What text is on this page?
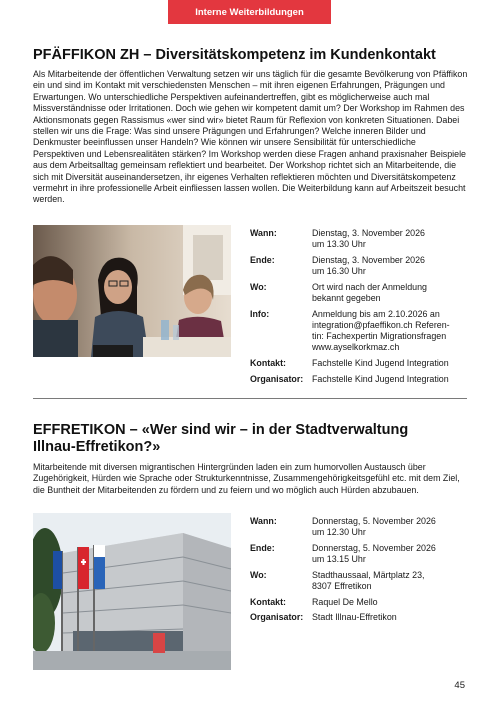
Interne Weiterbildungen
PFÄFFIKON ZH – Diversitätskompetenz im Kundenkontakt

Als Mitarbeitende der öffentlichen Verwaltung setzen wir uns täglich für die gesamte Bevölkerung von Pfäffikon ein und sind im Kontakt mit verschiedensten Menschen – mit ihren eigenen Erfahrungen, Prägungen und Erwartungen. Wo unterschiedliche Perspektiven aufeinandertreffen, gibt es möglicherweise auch mal Missverständnisse oder Irritationen. Doch wie gehen wir kompetent damit um? Der Workshop im Rahmen des Aktionsmonats gegen Rassismus «wer sind wir» bietet Raum für Reflexion von konkreten Situationen. Dabei stellen wir uns die Frage: Was sind unsere Prägungen und Erfahrungen? Welche inneren Bilder und Denkmuster beeinflussen unser Handeln? Wie können wir unsere Sensibilität für unterschiedliche Perspektiven und Lebensrealitäten stärken? Im Workshop werden diese Fragen anhand praxisnaher Beispiele aus dem Arbeitsalltag gemeinsam reflektiert und bearbeitet. Der Workshop richtet sich an Mitarbeitende, die sich mit Diversität auseinandersetzen, ihr eigenes Verhalten reflektieren möchten und Diversitätskompetenz vermehrt in ihre professionelle Arbeit einfliessen lassen wollen. Die Weiterbildung kann auf Arbeitszeit besucht werden.

Wann:	Dienstag, 3. November 2026
um 13.30 Uhr
Ende:	Dienstag, 3. November 2026
um 16.30 Uhr
Wo:	Ort wird nach der Anmeldung
bekannt gegeben
Info:	Anmeldung bis am 2.10.2026 an
integration@pfaeffikon.ch Referen-
tin: Fachexpertin Migrationsfragen
www.ayselkorkmaz.ch
Kontakt:	Fachstelle Kind Jugend Integration
Organisator: Fachstelle Kind Jugend Integration
EFFRETIKON – «Wer sind wir – in der Stadtverwaltung Illnau-Effretikon?»

Mitarbeitende mit diversen migrantischen Hintergründen laden ein zum humorvollen Austausch über Zugehörigkeit, Hürden wie Sprache oder Strukturkenntnisse, Zusammengehörigkeitsgefühl etc. mit dem Ziel, die Buntheit der Mitarbeitenden zu fördern und zu feiern und wo möglich auch Hürden abzubauen.

Wann:	Donnerstag, 5. November 2026
um 12.30 Uhr
Ende:	Donnerstag, 5. November 2026
um 13.15 Uhr
Wo:	Stadthaussaal, Märtplatz 23,
8307 Effretikon
Kontakt:	Raquel De Mello
Organisator: Stadt Illnau-Effretikon
45
